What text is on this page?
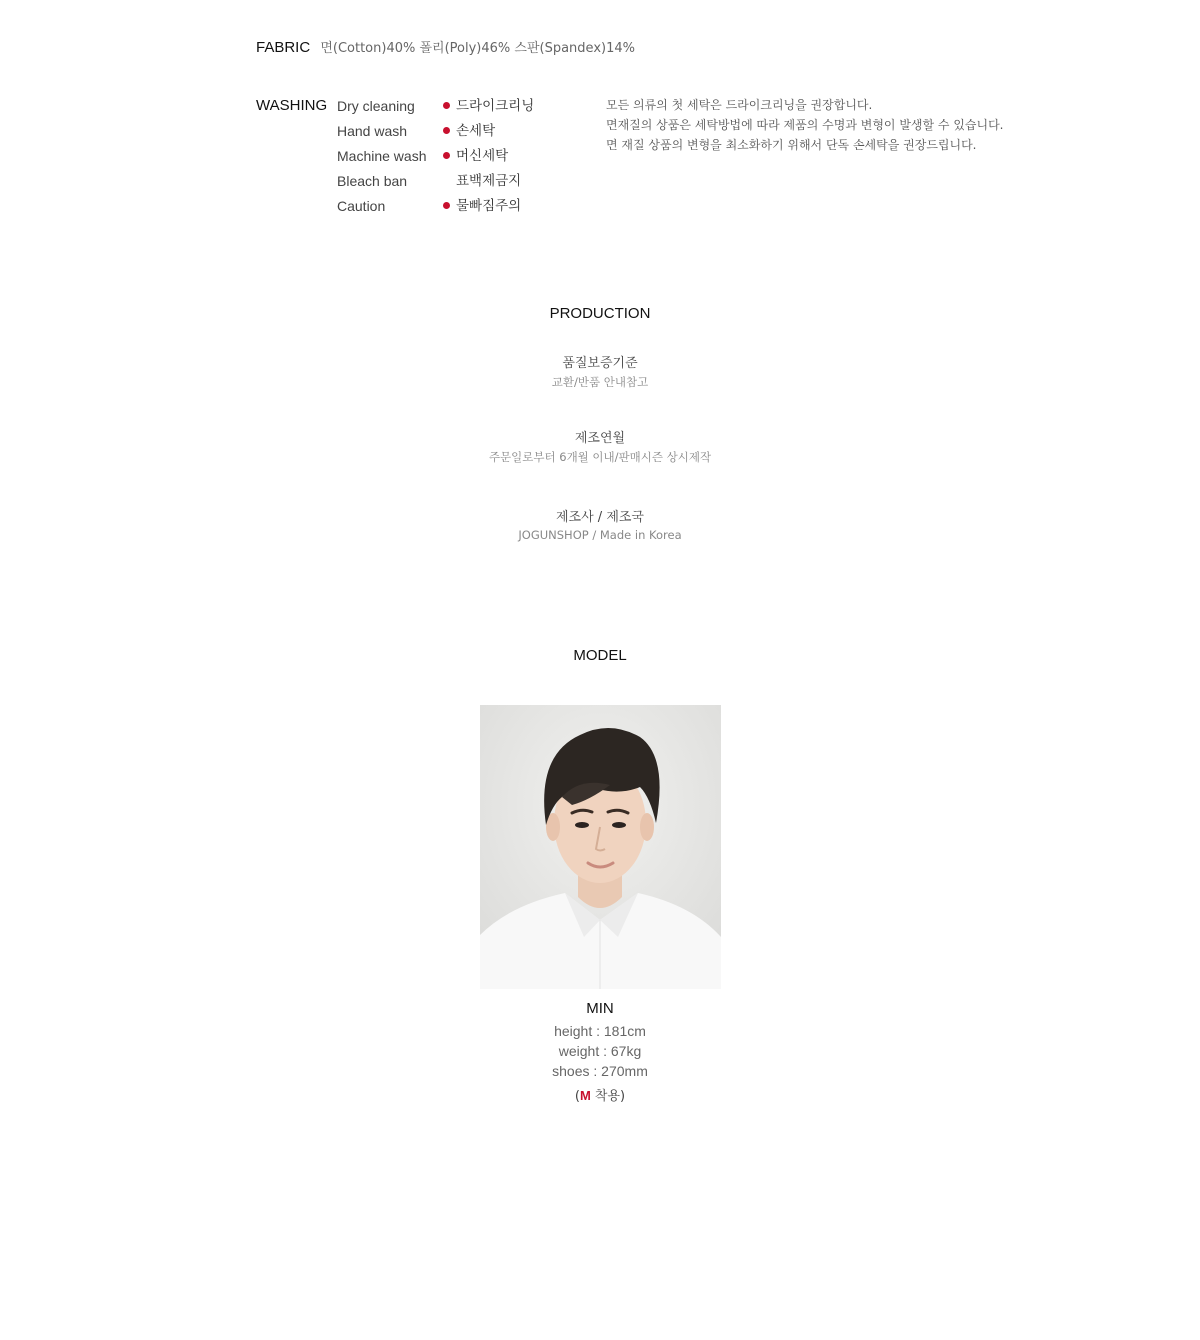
FABRIC 면(Cotton)40% 폴리(Poly)46% 스판(Spandex)14%
WASHING Dry cleaning
Hand wash
Machine wash
Bleach ban
Caution
드라이크리닝
손세탁
머신세탁
표백제금지
물빠짐주의
모든 의류의 첫 세탁은 드라이크리닝을 권장합니다.
면재질의 상품은 세탁방법에 따라 제품의 수명과 변형이 발생할 수 있습니다.
면 재질 상품의 변형을 최소화하기 위해서 단독 손세탁을 권장드립니다.
PRODUCTION
품질보증기준
교환/반품 안내참고
제조연월
주문일로부터 6개월 이내/판매시즌 상시제작
제조사 / 제조국
JOGUNSHOP / Made in Korea
MODEL
MIN
height : 181cm
weight : 67kg
shoes : 270mm
(M 착용)
